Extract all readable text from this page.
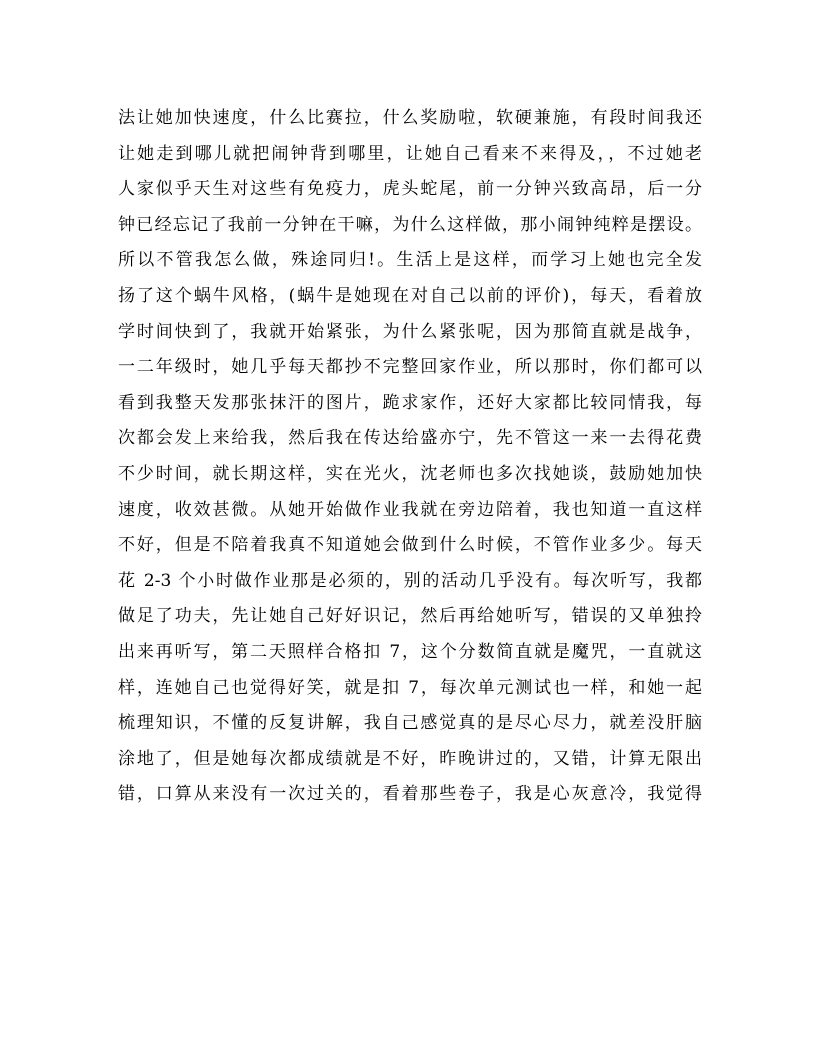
法让她加快速度，什么比赛拉，什么奖励啦，软硬兼施，有段时间我还
让她走到哪儿就把闹钟背到哪里，让她自己看来不来得及，，不过她老
人家似乎天生对这些有免疫力，虎头蛇尾，前一分钟兴致高昂，后一分
钟已经忘记了我前一分钟在干嘛，为什么这样做，那小闹钟纯粹是摆设。
所以不管我怎么做，殊途同归!。生活上是这样，而学习上她也完全发
扬了这个蜗牛风格，(蜗牛是她现在对自己以前的评价)，每天，看着放
学时间快到了，我就开始紧张，为什么紧张呢，因为那简直就是战争，
一二年级时，她几乎每天都抄不完整回家作业，所以那时，你们都可以
看到我整天发那张抹汗的图片，跪求家作，还好大家都比较同情我，每
次都会发上来给我，然后我在传达给盛亦宁，先不管这一来一去得花费
不少时间，就长期这样，实在光火，沈老师也多次找她谈，鼓励她加快
速度，收效甚微。从她开始做作业我就在旁边陪着，我也知道一直这样
不好，但是不陪着我真不知道她会做到什么时候，不管作业多少。每天
花 2-3 个小时做作业那是必须的，别的活动几乎没有。每次听写，我都
做足了功夫，先让她自己好好识记，然后再给她听写，错误的又单独拎
出来再听写，第二天照样合格扣 7，这个分数简直就是魔咒，一直就这
样，连她自己也觉得好笑，就是扣 7，每次单元测试也一样，和她一起
梳理知识，不懂的反复讲解，我自己感觉真的是尽心尽力，就差没肝脑
涂地了，但是她每次都成绩就是不好，昨晚讲过的，又错，计算无限出
错，口算从来没有一次过关的，看着那些卷子，我是心灰意冷，我觉得
